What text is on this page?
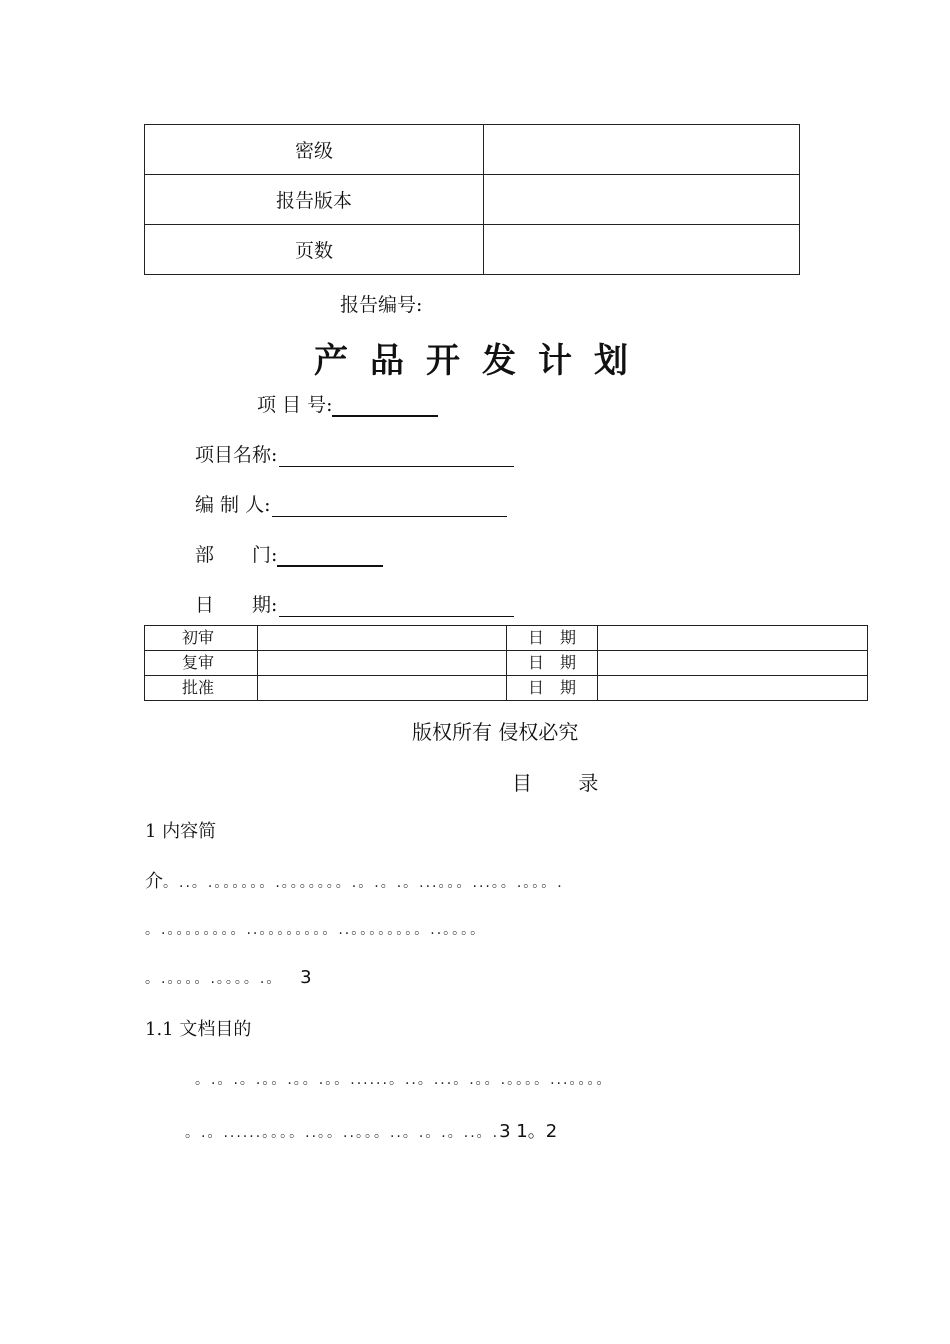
密级	
报告版本	
页数	
报告编号:
产品开发计划
项 目 号:
项目名称:
编 制 人:
部　　门:
日　　期:
初审		日　期	
复审		日　期	
批准		日　期	
版权所有 侵权必究
目 录
1 内容简
介。..。.。。。。。。.。。。。。。。.。.。.。...。。。...。。.。。。.
。.。。。。。。。。..。。。。。。。。..。。。。。。。。..。。。。
。.。。。。.。。。。.。 3
1.1 文档目的
。.。.。.。。.。。.。。......。..。...。.。。.。。。。...。。。。
。.。......。。。。..。。..。。。..。.。.。..。.3 1。2
